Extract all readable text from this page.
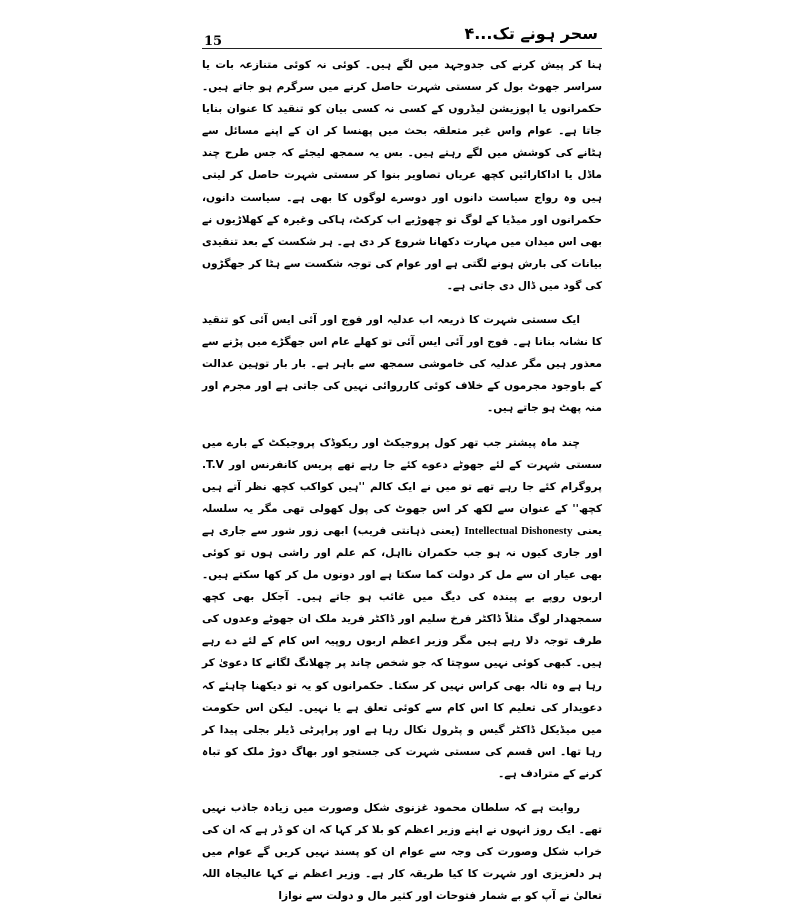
15	سحر ہونے تک...۴

ہنا کر پیش کرنے کی جدوجہد میں لگے ہیں۔ کوئی نہ کوئی متنازعہ بات یا سراسر جھوٹ بول کر سستی شہرت حاصل کرنے میں سرگرم ہو جاتے ہیں۔ حکمرانوں یا اپوزیشن لیڈروں کے کسی نہ کسی بیان کو تنقید کا عنوان بنایا جاتا ہے۔ عوام واس غیر متعلقہ بحث میں پھنسا کر ان کے اپنے مسائل سے ہٹانے کی کوشش میں لگے رہتے ہیں۔ بس یہ سمجھ لیجئے کہ جس طرح چند ماڈل یا اداکارائیں کچھ عریاں تصاویر بنوا کر سستی شہرت حاصل کر لیتی ہیں وہ رواج سیاست دانوں اور دوسرے لوگوں کا بھی ہے۔ سیاست دانوں، حکمرانوں اور میڈیا کے لوگ تو چھوڑیے اب کرکٹ، ہاکی وغیرہ کے کھلاڑیوں نے بھی اس میدان میں مہارت دکھانا شروع کر دی ہے۔ ہر شکست کے بعد تنقیدی بیانات کی بارش ہونے لگتی ہے اور عوام کی توجہ شکست سے ہٹا کر جھگڑوں کی گود میں ڈال دی جاتی ہے۔

ایک سستی شہرت کا ذریعہ اب عدلیہ اور فوج اور آئی ایس آئی کو تنقید کا نشانہ بنانا ہے۔ فوج اور آئی ایس آئی تو کھلے عام اس جھگڑے میں پڑنے سے معذور ہیں مگر عدلیہ کی خاموشی سمجھ سے باہر ہے۔ بار بار توہین عدالت کے باوجود مجرموں کے خلاف کوئی کارروائی نہیں کی جاتی ہے اور مجرم اور منہ پھٹ ہو جاتے ہیں۔

چند ماہ پیشتر جب تھر کول پروجیکٹ اور ریکوڈک پروجیکٹ کے بارے میں سستی شہرت کے لئے جھوٹے دعوے کئے جا رہے تھے پریس کانفرنس اور T.V. پروگرام کئے جا رہے تھے تو میں نے ایک کالم ''ہیں کواکب کچھ نظر آتے ہیں کچھ'' کے عنوان سے لکھ کر اس جھوٹ کی پول کھولی تھی مگر یہ سلسلہ یعنی Intellectual Dishonesty (یعنی ذہانتی فریب) ابھی زور شور سے جاری ہے اور جاری کیوں نہ ہو جب حکمران نااہل، کم علم اور راشی ہوں تو کوئی بھی عیار ان سے مل کر دولت کما سکتا ہے اور دونوں مل کر کھا سکتے ہیں۔ اربوں روپے بے پیندہ کی دیگ میں غائب ہو جاتے ہیں۔ آجکل بھی کچھ سمجھدار لوگ مثلاً ڈاکٹر فرخ سلیم اور ڈاکٹر فرید ملک ان جھوٹے وعدوں کی طرف توجہ دلا رہے ہیں مگر وزیر اعظم اربوں روپیہ اس کام کے لئے دے رہے ہیں۔ کبھی کوئی نہیں سوچتا کہ جو شخص چاند پر چھلانگ لگانے کا دعویٰ کر رہا ہے وہ تالہ بھی کراس نہیں کر سکتا۔ حکمرانوں کو یہ تو دیکھنا چاہئے کہ دعویدار کی تعلیم کا اس کام سے کوئی تعلق ہے یا نہیں۔ لیکن اس حکومت میں میڈیکل ڈاکٹر گیس و پٹرول نکال رہا ہے اور پراپرٹی ڈیلر بجلی پیدا کر رہا تھا۔ اس قسم کی سستی شہرت کی جستجو اور بھاگ دوڑ ملک کو تباہ کرنے کے مترادف ہے۔

روایت ہے کہ سلطان محمود غزنوی شکل وصورت میں زیادہ جاذب نہیں تھے۔ ایک روز انہوں نے اپنے وزیر اعظم کو بلا کر کہا کہ ان کو ڈر ہے کہ ان کی خراب شکل وصورت کی وجہ سے عوام ان کو پسند نہیں کریں گے عوام میں ہر دلعزیزی اور شہرت کا کیا طریقہ کار ہے۔ وزیر اعظم نے کہا عالیجاہ اللہ تعالیٰ نے آپ کو بے شمار فتوحات اور کثیر مال و دولت سے نوازا
